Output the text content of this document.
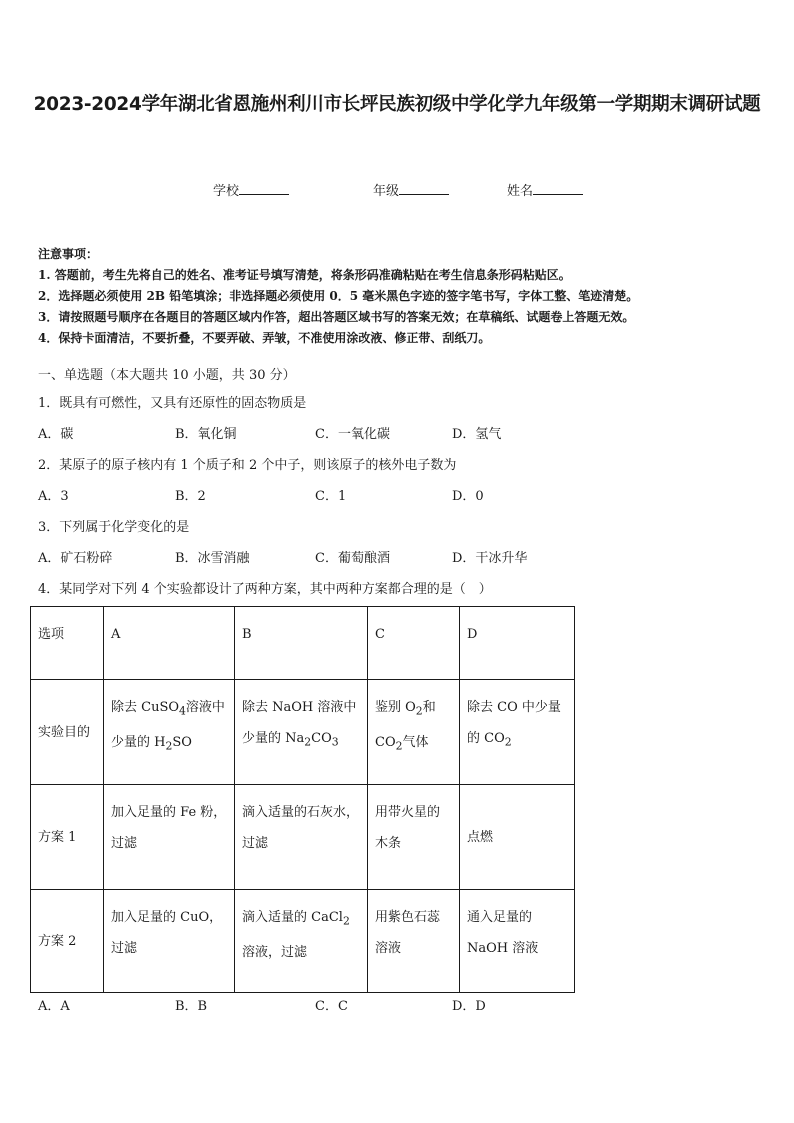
2023-2024学年湖北省恩施州利川市长坪民族初级中学化学九年级第一学期期末调研试题
学校	年级	姓名
注意事项：
1. 答题前，考生先将自己的姓名、准考证号填写清楚，将条形码准确粘贴在考生信息条形码粘贴区。
2．选择题必须使用 2B 铅笔填涂；非选择题必须使用 0．5 毫米黑色字迹的签字笔书写，字体工整、笔迹清楚。
3．请按照题号顺序在各题目的答题区域内作答，超出答题区域书写的答案无效；在草稿纸、试题卷上答题无效。
4．保持卡面清洁，不要折叠，不要弄破、弄皱，不准使用涂改液、修正带、刮纸刀。
一、单选题（本大题共 10 小题，共 30 分）
1．既具有可燃性，又具有还原性的固态物质是
A．碳	B．氧化铜	C．一氧化碳	D．氢气
2．某原子的原子核内有 1 个质子和 2 个中子，则该原子的核外电子数为
A．3	B．2	C．1	D．0
3．下列属于化学变化的是
A．矿石粉碎	B．冰雪消融	C．葡萄酿酒	D．干冰升华
4．某同学对下列 4 个实验都设计了两种方案，其中两种方案都合理的是（　）
选项	A	B	C	D
实验目的	除去 CuSO$_4$溶液中少量的 $H_2SO$	除去 NaOH 溶液中少量的 $Na_2CO_3$	鉴别 $O_2$和 $CO_2$气体	除去 CO 中少量的 $CO_2$
方案 1	加入足量的 Fe 粉，过滤	滴入适量的石灰水，过滤	用带火星的木条	点燃
方案 2	加入足量的 CuO，过滤	滴入适量的 CaCl$_2$溶液，过滤	用紫色石蕊溶液	通入足量的 NaOH 溶液
A．A	B．B	C．C	D．D
